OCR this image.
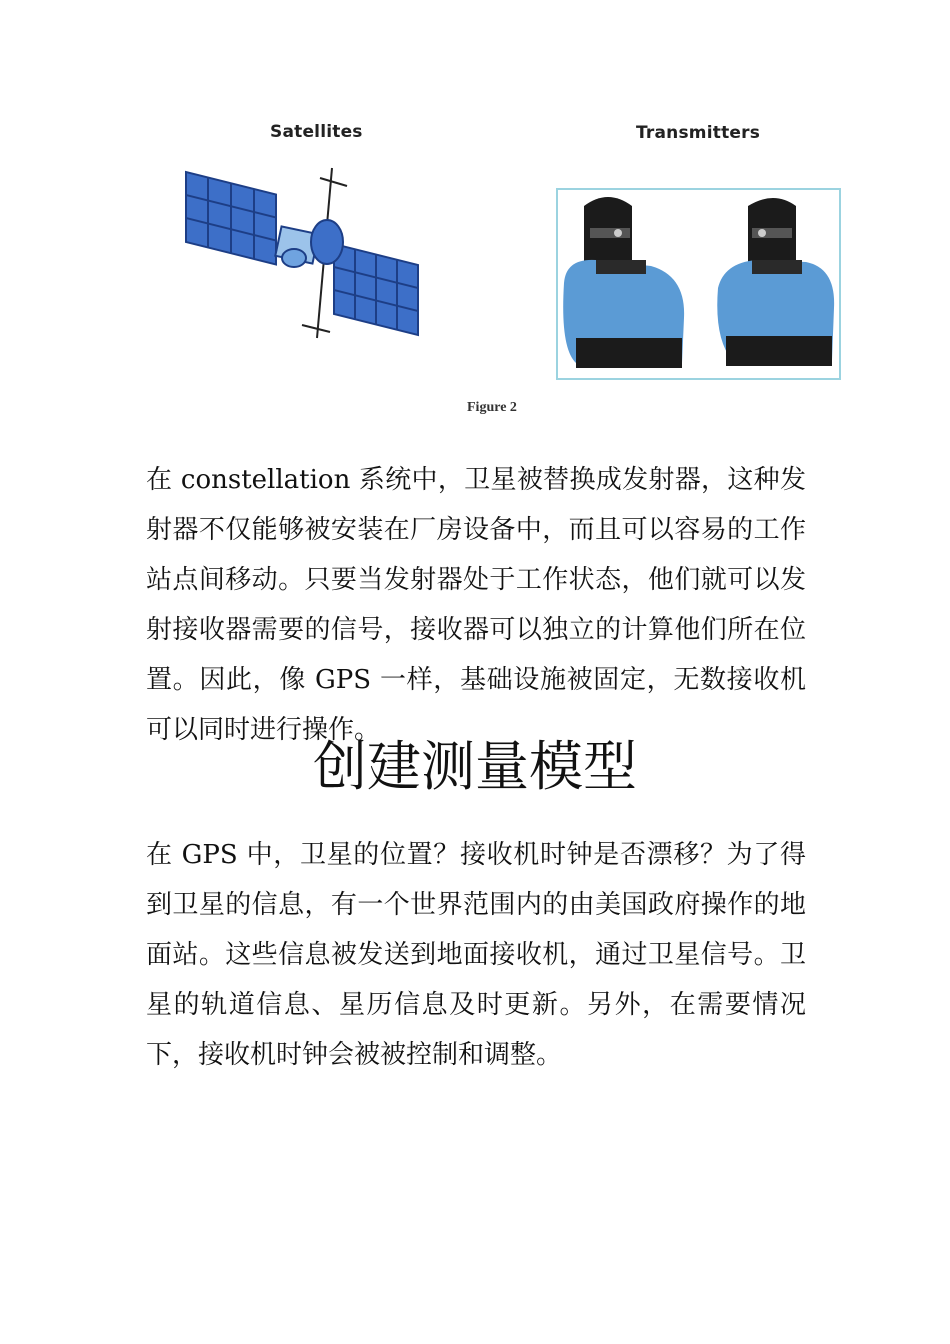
Satellites	Transmitters
Figure 2

在 constellation 系统中，卫星被替换成发射器，这种发射器不仅能够被安装在厂房设备中，而且可以容易的工作站点间移动。只要当发射器处于工作状态，他们就可以发射接收器需要的信号，接收器可以独立的计算他们所在位置。因此，像 GPS 一样，基础设施被固定，无数接收机可以同时进行操作。

创建测量模型

在 GPS 中，卫星的位置？接收机时钟是否漂移？为了得到卫星的信息，有一个世界范围内的由美国政府操作的地面站。这些信息被发送到地面接收机，通过卫星信号。卫星的轨道信息、星历信息及时更新。另外，在需要情况下，接收机时钟会被被控制和调整。
